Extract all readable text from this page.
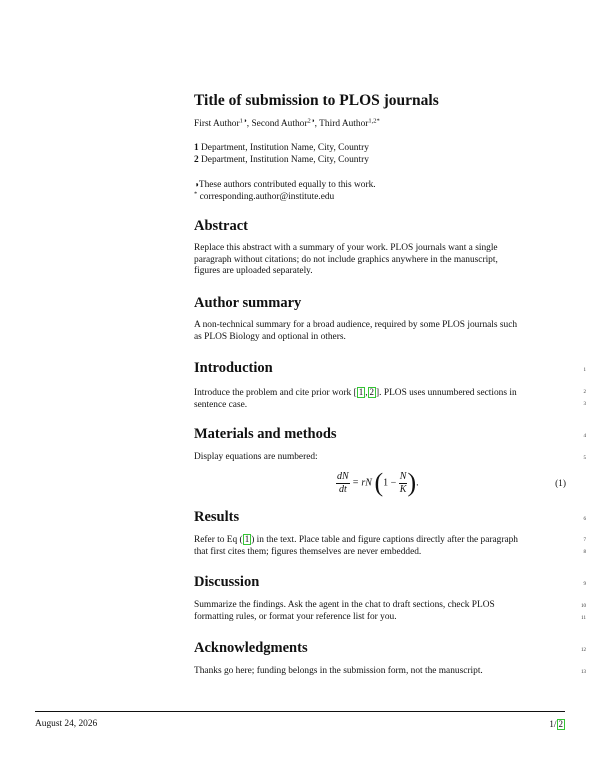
Title of submission to PLOS journals

First Author$^{1◑}$, Second Author$^{2◑}$, Third Author$^{1,2*}$

1 Department, Institution Name, City, Country

2 Department, Institution Name, City, Country

◑These authors contributed equally to this work.

* corresponding.author@institute.edu

Abstract

Replace this abstract with a summary of your work. PLOS journals want a single

paragraph without citations; do not include graphics anywhere in the manuscript,

figures are uploaded separately.

Author summary

A non-technical summary for a broad audience, required by some PLOS journals such

as PLOS Biology and optional in others.

Introduction

Introduce the problem and cite prior work [ 1 , 2 ]. PLOS uses unnumbered sections in

sentence case.

Materials and methods

Display equations are numbered:

$\frac{dN}{dt}$ = rN ($1 - \frac{N}{K}$ ).	(1)
Results

Refer to Eq ( 1 ) in the text. Place table and figure captions directly after the paragraph

that first cites them; figures themselves are never embedded.

Discussion

Summarize the findings. Ask the agent in the chat to draft sections, check PLOS

formatting rules, or format your reference list for you.

Acknowledgments

Thanks go here; funding belongs in the submission form, not the manuscript.

1
2
3
4
5
6
7
8
9
10
11
12
13
August 24, 2026	1/ 2
